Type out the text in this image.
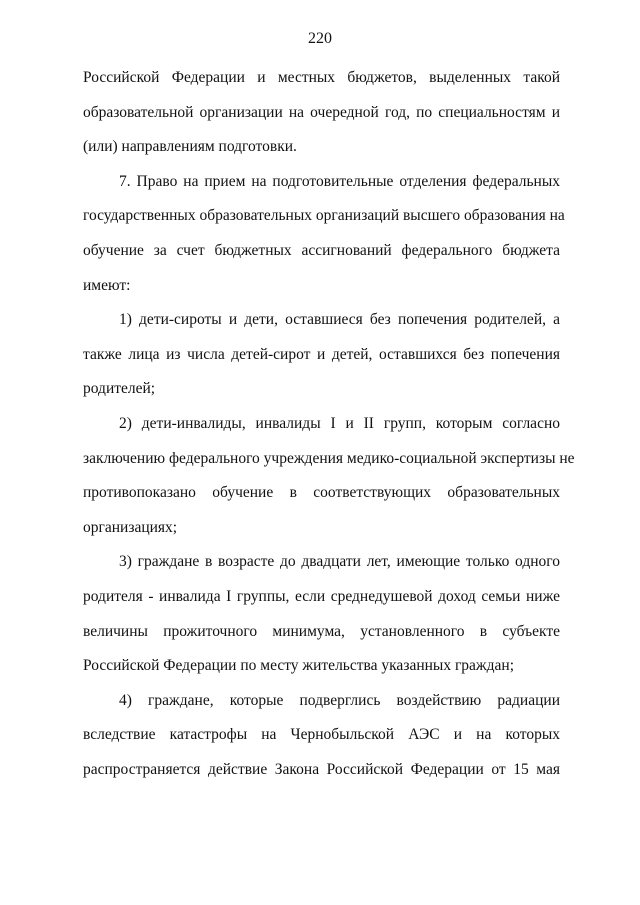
220
Российской Федерации и местных бюджетов, выделенных такой
образовательной организации на очередной год, по специальностям и
(или) направлениям подготовки.
7. Право на прием на подготовительные отделения федеральных
государственных образовательных организаций высшего образования на
обучение за счет бюджетных ассигнований федерального бюджета
имеют:
1) дети-сироты и дети, оставшиеся без попечения родителей, а
также лица из числа детей-сирот и детей, оставшихся без попечения
родителей;
2) дети-инвалиды, инвалиды I и II групп, которым согласно
заключению федерального учреждения медико-социальной экспертизы не
противопоказано обучение в соответствующих образовательных
организациях;
3) граждане в возрасте до двадцати лет, имеющие только одного
родителя - инвалида I группы, если среднедушевой доход семьи ниже
величины прожиточного минимума, установленного в субъекте
Российской Федерации по месту жительства указанных граждан;
4) граждане, которые подверглись воздействию радиации
вследствие катастрофы на Чернобыльской АЭС и на которых
распространяется действие Закона Российской Федерации от 15 мая
